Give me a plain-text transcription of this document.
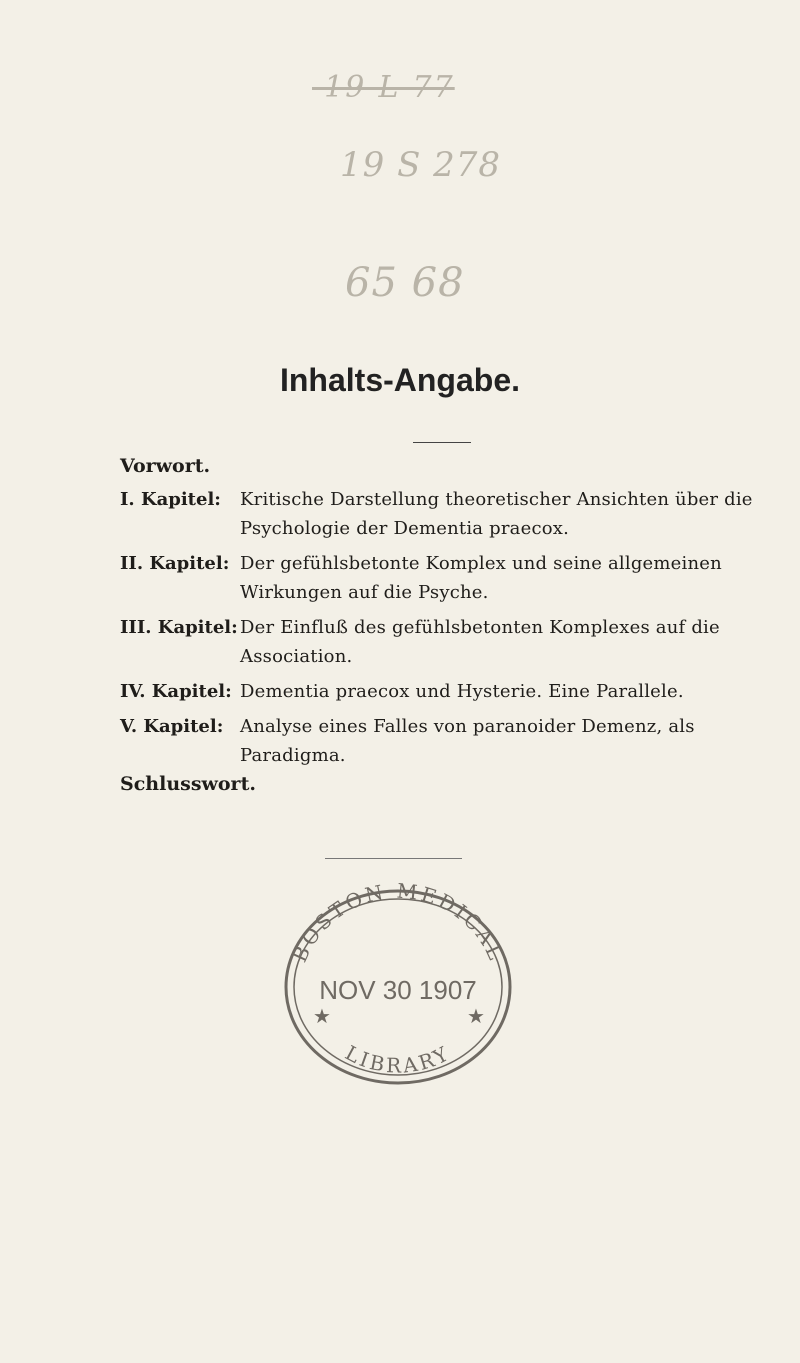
-19-L-77
19 S 278
65 68
Inhalts-Angabe.
Vorwort.
I. Kapitel:	Kritische Darstellung theoretischer Ansichten über die Psychologie der Dementia praecox.
II. Kapitel: Der gefühlsbetonte Komplex und seine allgemeinen Wirkungen auf die Psyche.
III. Kapitel: Der Einfluß des gefühlsbetonten Komplexes auf die Association.
IV. Kapitel: Dementia praecox und Hysterie. Eine Parallele.
V. Kapitel: Analyse eines Falles von paranoider Demenz, als Paradigma.
Schlusswort.
BOSTON MEDICAL
NOV 30 1907
LIBRARY
★	★
